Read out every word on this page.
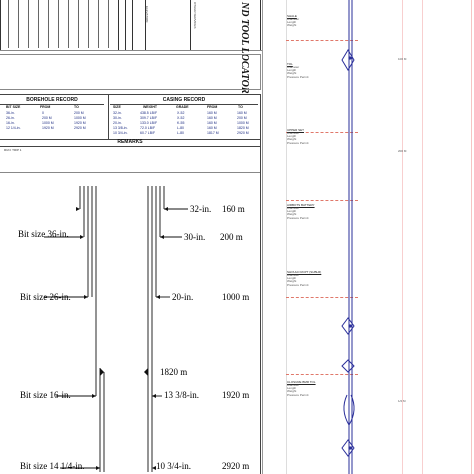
ND TOOL LOCATOR
ELEVATION	OTHER SERVICES
BOREHOLE RECORD
BIT SIZE	FROM	TO
36-in.	0	200 M
26-in.	200 M	1000 M
16-in.	1000 M	1920 M
12 1/4-in.	1920 M	2920 M
CASING RECORD
SIZE	WEIGHT	GRADE	FROM	TO
32-in.	438.5 LB/F	X-52	160 M	160 M
30-in.	309.7 LB/F	X-52	160 M	200 M
20-in.	133.0 LB/F	K-55	160 M	1000 M
13 3/8-in.	72.0 LB/F	L-80	160 M	1820 M
10 3/4-in.	60.7 LB/F	L-80	1817 M	2920 M
REMARKS
RUN: TRIP 1
Bit size 36-in.
Bit size 26-in.
Bit size 16-in.
Bit size 14 1/4-in.
32-in.
30-in.
20-in.
13 3/8-in.
10 3/4-in.
160 m
200 m
1000 m
1820 m
1920 m
2920 m
SHALE
Diameter
Length
Weight
TOL
Diameter
Length
Weight
Pressure Permit
UPPER SET
Diameter
Length
Weight
Pressure Permit
AIRBOTS BATTERY
Diameter
Length
Weight
Pressure Permit
SHOULD RCPT (SUBLR)
Diameter
Length
Weight
Pressure Permit
CLOSURE BMR TOL
Diameter
Length
Weight
Pressure Permit
100 M
200 M
1/2 M
